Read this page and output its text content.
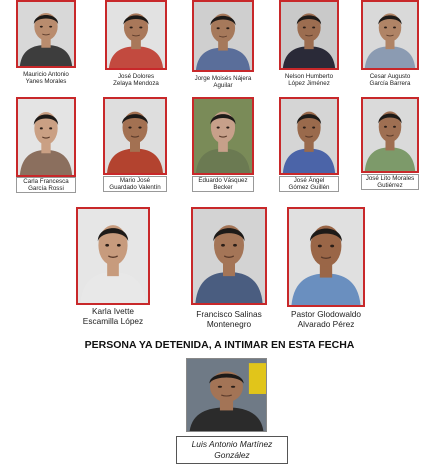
Mauricio Antonio
Yanes Morales
José Dolores
Zelaya Mendoza
Jorge Moisés Nájera
Aguilar
Nelson Humberto
López Jiménez
Cesar Augusto
García Barrera
Carla Francesca
García Rossi
Mario José
Guardado Valentín
Eduardo Vásquez
Becker
José Ángel
Gómez Guillén
José Lito Morales
Gutiérrez
Karla Ivette
Escamilla López
Francisco Salinas
Montenegro
Pastor Glodowaldo
Alvarado Pérez
PERSONA YA DETENIDA, A INTIMAR EN ESTA FECHA
Luis Antonio Martínez
González
